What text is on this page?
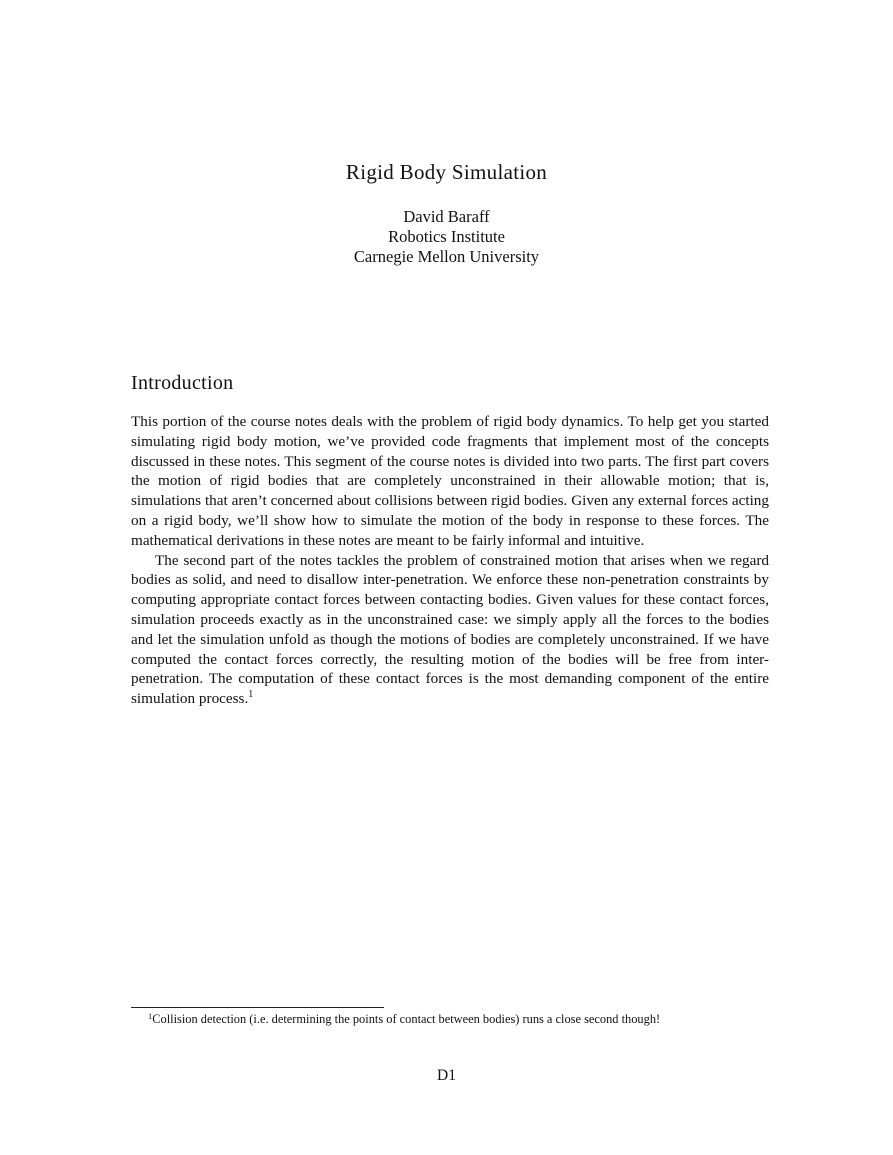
Rigid Body Simulation
David Baraff
Robotics Institute
Carnegie Mellon University
Introduction

This portion of the course notes deals with the problem of rigid body dynamics. To help get you started simulating rigid body motion, we’ve provided code fragments that implement most of the concepts discussed in these notes. This segment of the course notes is divided into two parts. The first part covers the motion of rigid bodies that are completely unconstrained in their allowable motion; that is, simulations that aren’t concerned about collisions between rigid bodies. Given any external forces acting on a rigid body, we’ll show how to simulate the motion of the body in response to these forces. The mathematical derivations in these notes are meant to be fairly informal and intuitive.

The second part of the notes tackles the problem of constrained motion that arises when we regard bodies as solid, and need to disallow inter-penetration. We enforce these non-penetration constraints by computing appropriate contact forces between contacting bodies. Given values for these contact forces, simulation proceeds exactly as in the unconstrained case: we simply apply all the forces to the bodies and let the simulation unfold as though the motions of bodies are completely unconstrained. If we have computed the contact forces correctly, the resulting motion of the bodies will be free from inter-penetration. The computation of these contact forces is the most demanding component of the entire simulation process.$^1$

$^1$Collision detection (i.e. determining the points of contact between bodies) runs a close second though!
D1
